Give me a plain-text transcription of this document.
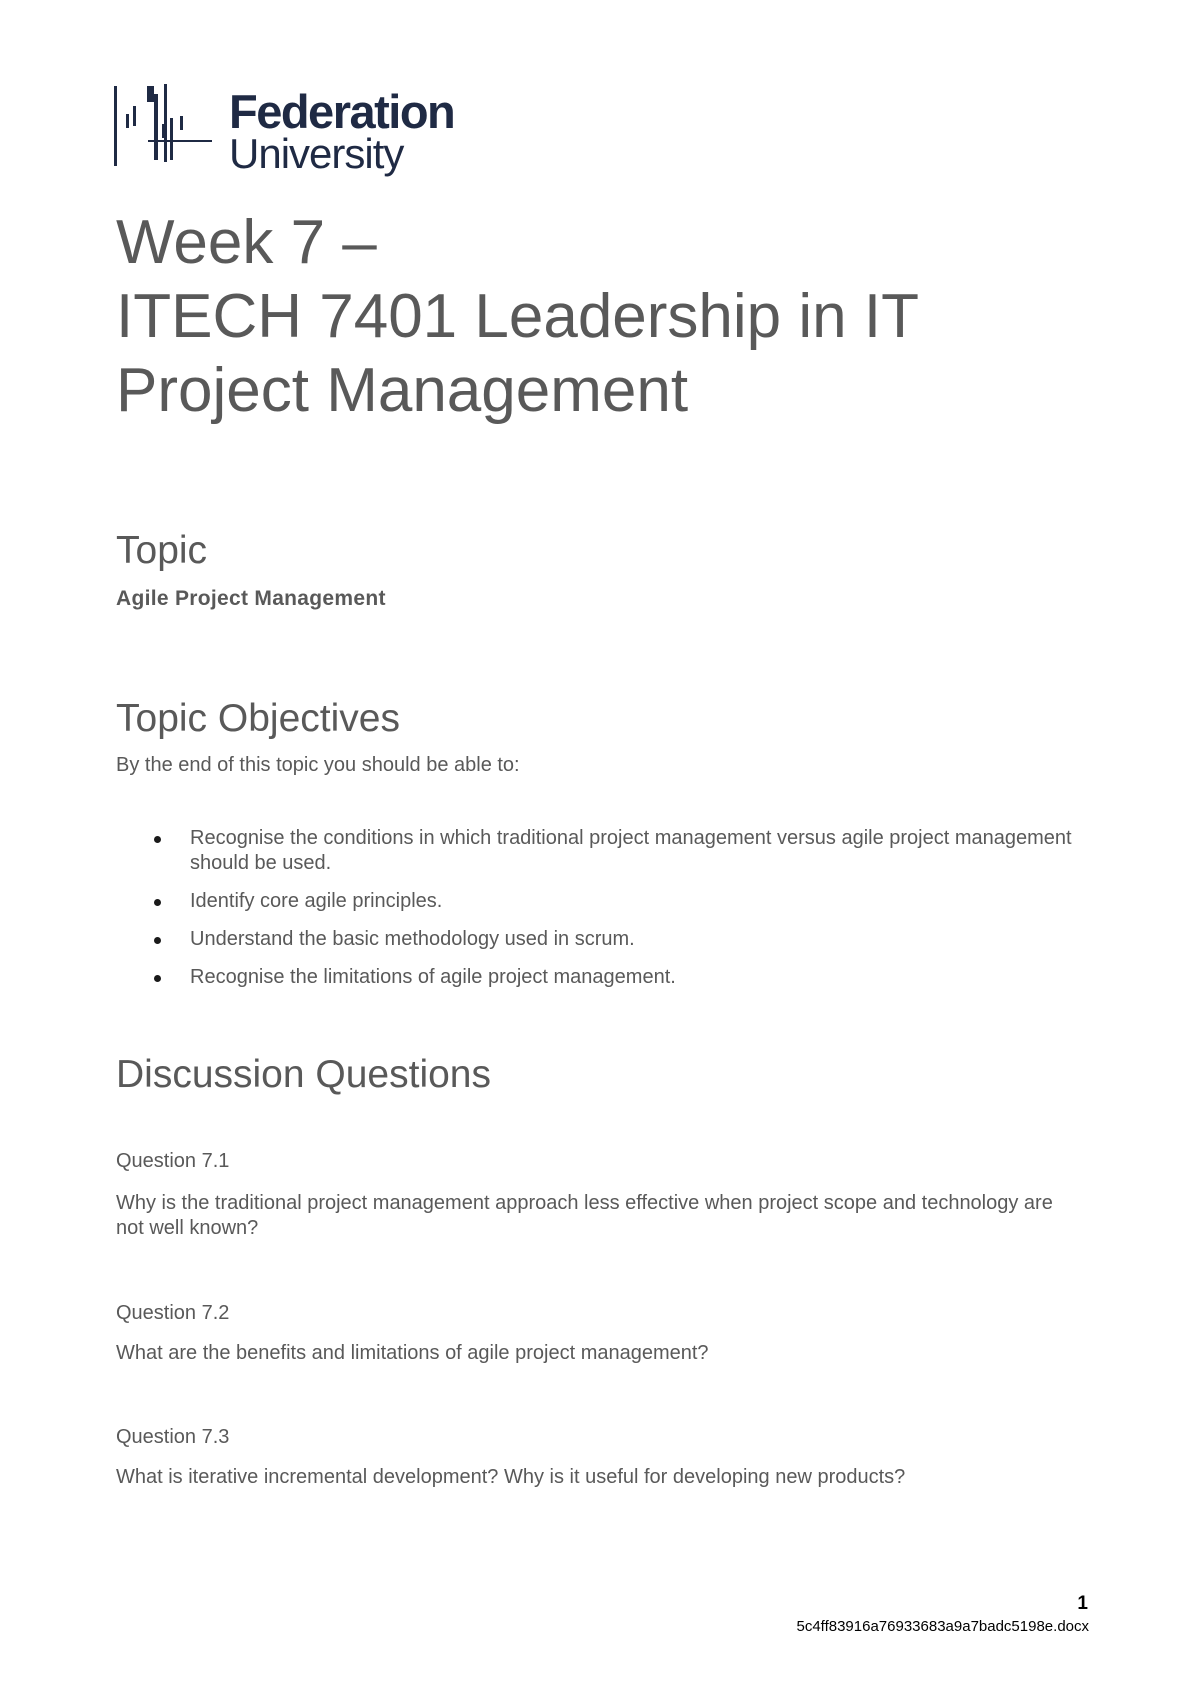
Federation
University
Week 7 –
ITECH 7401 Leadership in IT
Project Management
Topic
Agile Project Management
Topic Objectives
By the end of this topic you should be able to:
Recognise the conditions in which traditional project management versus agile project management should be used.
Identify core agile principles.
Understand the basic methodology used in scrum.
Recognise the limitations of agile project management.
Discussion Questions
Question 7.1
Why is the traditional project management approach less effective when project scope and technology are not well known?
Question 7.2
What are the benefits and limitations of agile project management?
Question 7.3
What is iterative incremental development? Why is it useful for developing new products?
1
5c4ff83916a76933683a9a7badc5198e.docx
